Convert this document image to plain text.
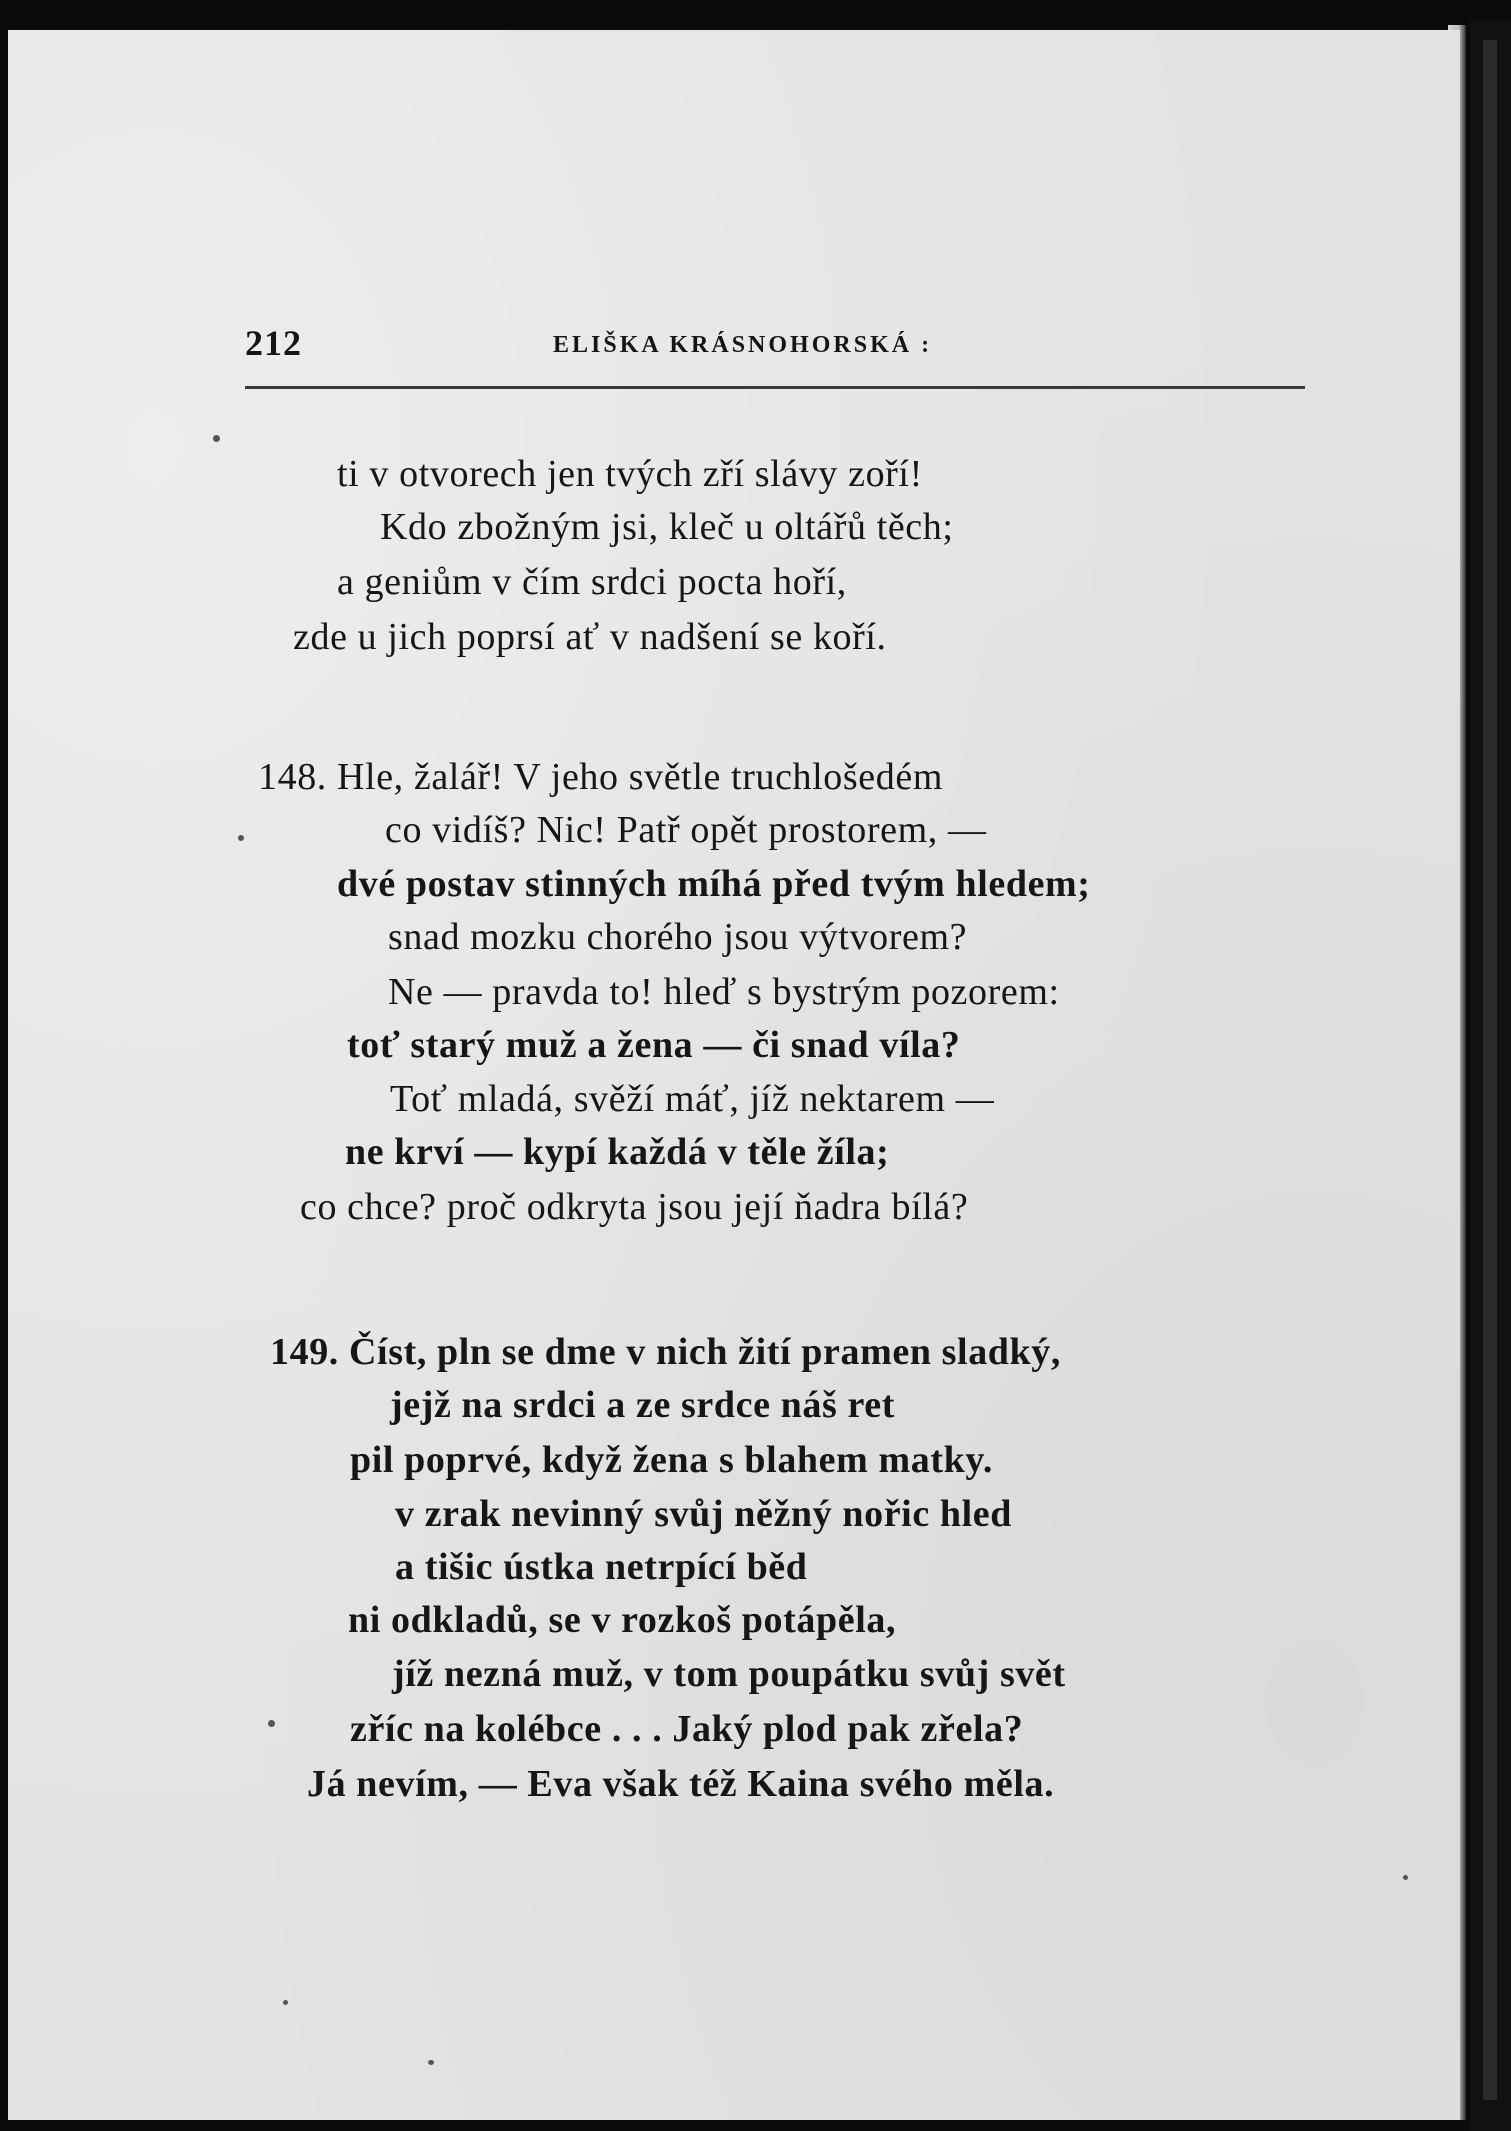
212	ELIŠKA KRÁSNOHORSKÁ :
ti v otvorech jen tvých zří slávy zoří!
Kdo zbožným jsi, kleč u oltářů těch;
a geniům v čím srdci pocta hoří,
zde u jich poprsí ať v nadšení se koří.
148. Hle, žalář! V jeho světle truchlošedém
co vidíš? Nic! Patř opět prostorem, —
dvé postav stinných míhá před tvým hledem;
snad mozku chorého jsou výtvorem?
Ne — pravda to! hleď s bystrým pozorem:
toť starý muž a žena — či snad víla?
Toť mladá, svěží máť, jíž nektarem —
ne krví — kypí každá v těle žíla;
co chce? proč odkryta jsou její ňadra bílá?
149. Číst, pln se dme v nich žití pramen sladký,
jejž na srdci a ze srdce náš ret
pil poprvé, když žena s blahem matky.
v zrak nevinný svůj něžný nořic hled
a tišic ústka netrpící běd
ni odkladů, se v rozkoš potápěla,
jíž nezná muž, v tom poupátku svůj svět
zříc na kolébce . . . Jaký plod pak zřela?
Já nevím, — Eva však též Kaina svého měla.
